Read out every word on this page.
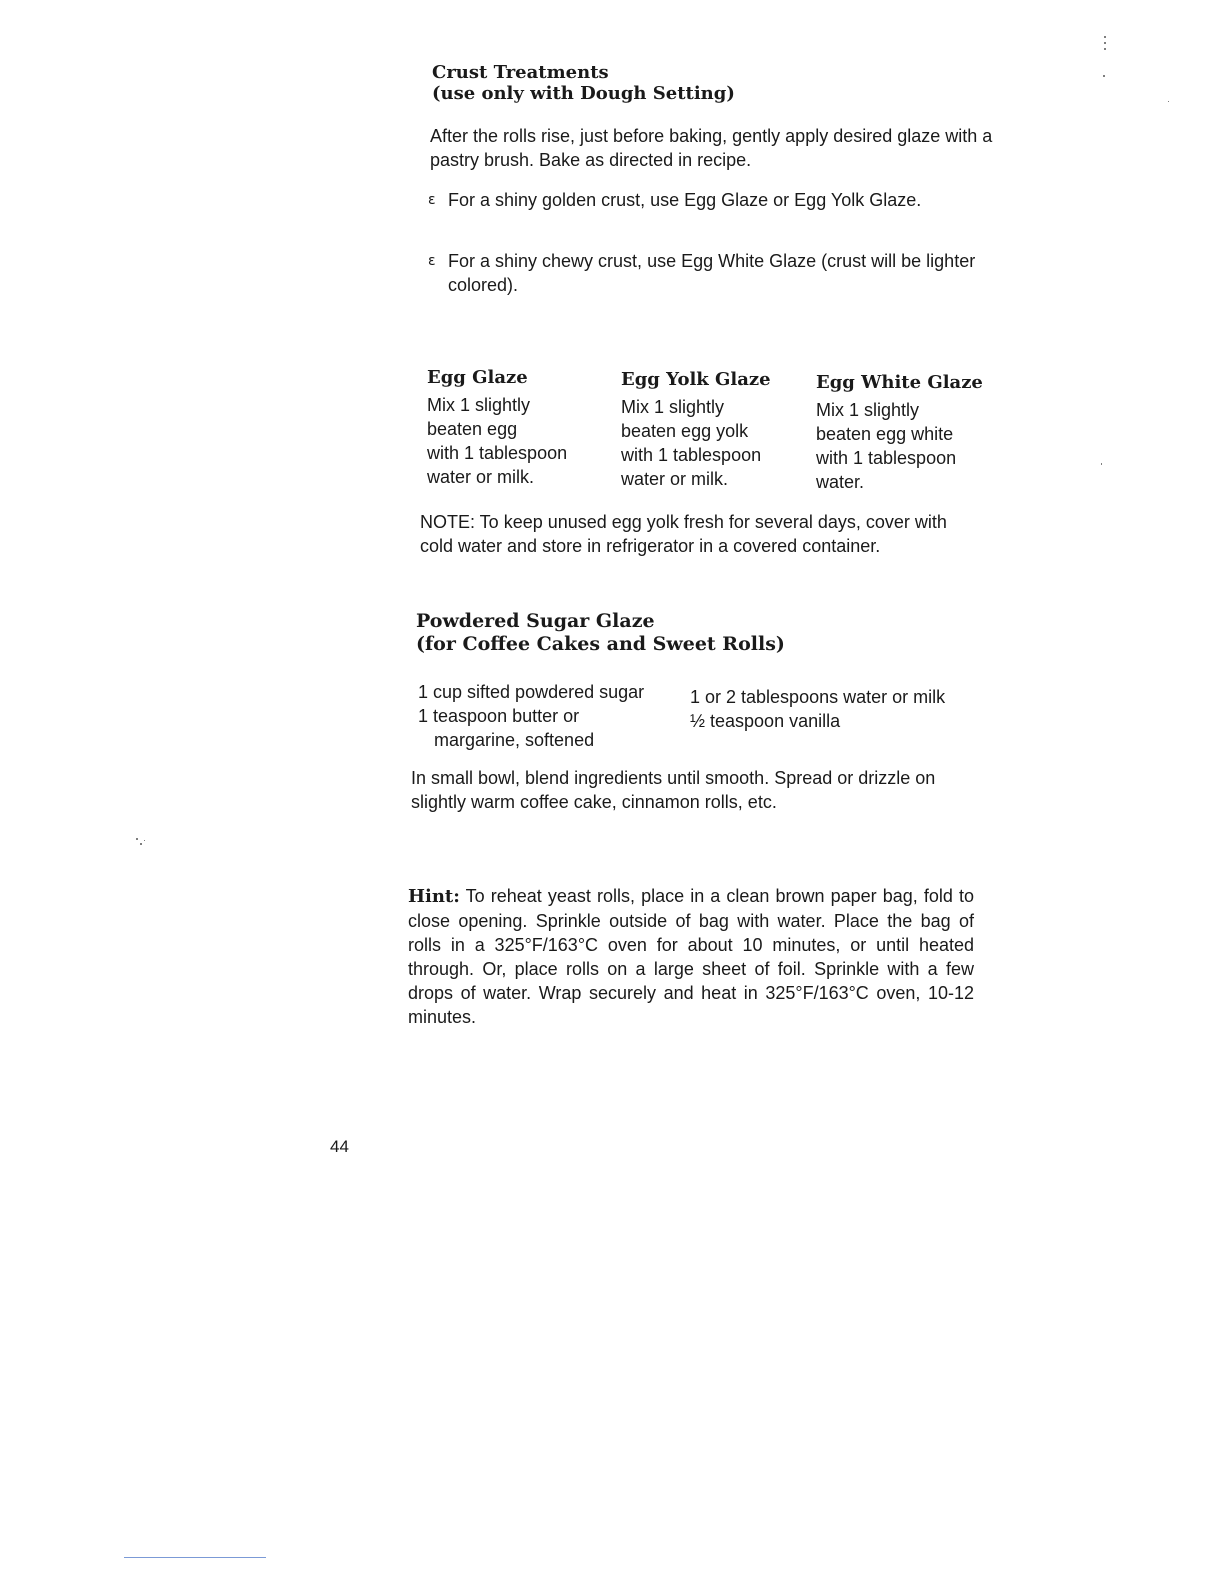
Crust Treatments
(use only with Dough Setting)
After the rolls rise, just before baking, gently apply desired glaze with a pastry brush. Bake as directed in recipe.
ε For a shiny golden crust, use Egg Glaze or Egg Yolk Glaze.
ε For a shiny chewy crust, use Egg White Glaze (crust will be lighter colored).
Egg Glaze
Mix 1 slightly
beaten egg
with 1 tablespoon
water or milk.
Egg Yolk Glaze
Mix 1 slightly
beaten egg yolk
with 1 tablespoon
water or milk.
Egg White Glaze
Mix 1 slightly
beaten egg white
with 1 tablespoon
water.
NOTE: To keep unused egg yolk fresh for several days, cover with cold water and store in refrigerator in a covered container.
Powdered Sugar Glaze
(for Coffee Cakes and Sweet Rolls)
1 cup sifted powdered sugar
1 teaspoon butter or
margarine, softened
1 or 2 tablespoons water or milk
½ teaspoon vanilla
In small bowl, blend ingredients until smooth. Spread or drizzle on slightly warm coffee cake, cinnamon rolls, etc.
Hint: To reheat yeast rolls, place in a clean brown paper bag, fold to close opening. Sprinkle outside of bag with water. Place the bag of rolls in a 325°F/163°C oven for about 10 minutes, or until heated through. Or, place rolls on a large sheet of foil. Sprinkle with a few drops of water. Wrap securely and heat in 325°F/163°C oven, 10-12 minutes.
44
